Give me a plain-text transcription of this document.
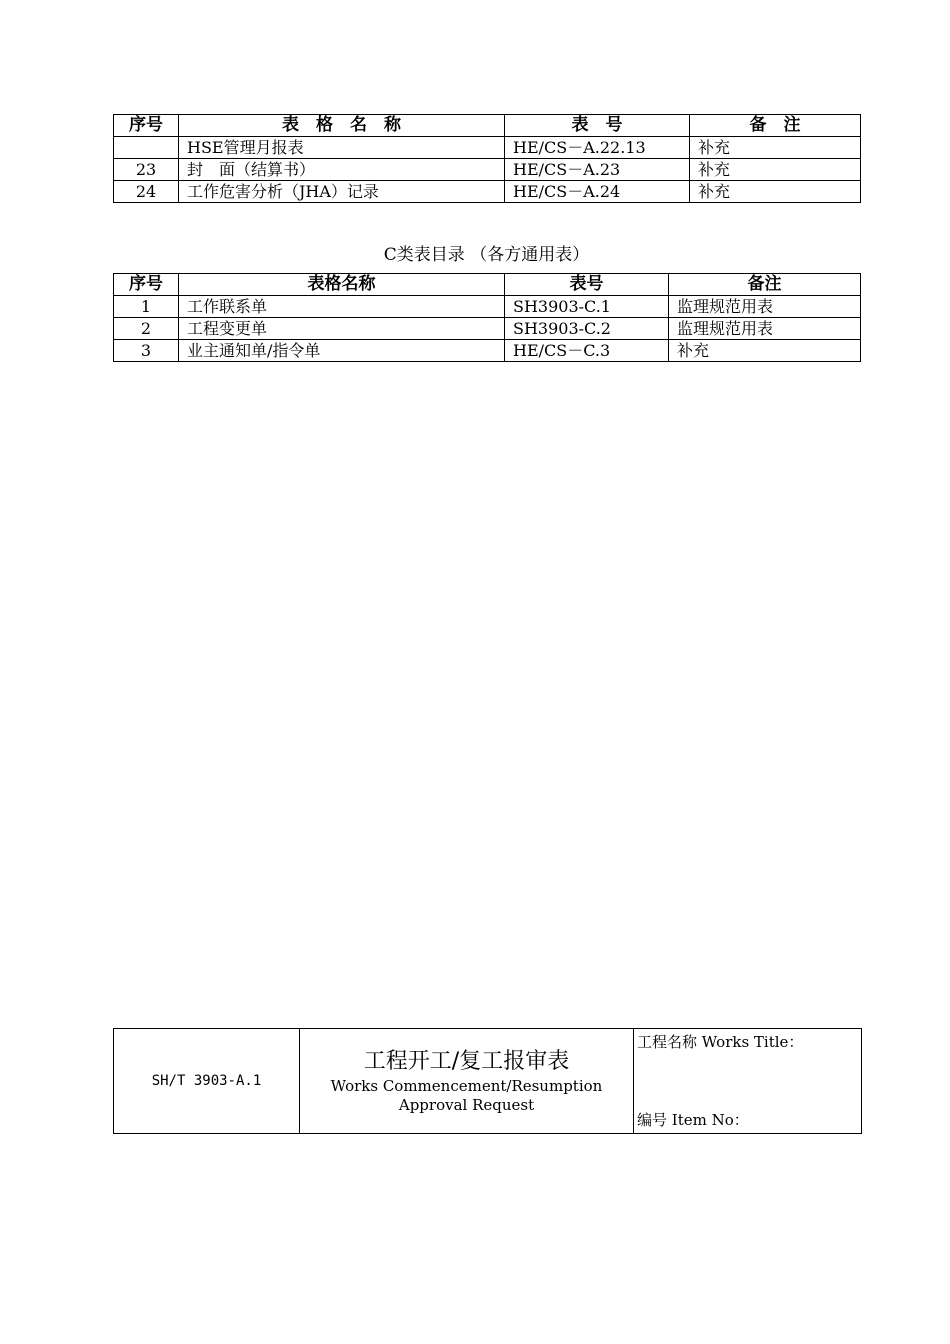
序号	表　格　名　称	表　号	备　注
	HSE管理月报表	HE/CS－A.22.13	补充
23	封　面（结算书）	HE/CS－A.23	补充
24	工作危害分析（JHA）记录	HE/CS－A.24	补充
C类表目录 （各方通用表）
序号	表格名称	表号	备注
1	工作联系单	SH3903-C.1	监理规范用表
2	工程变更单	SH3903-C.2	监理规范用表
3	业主通知单/指令单	HE/CS－C.3	补充
SH/T 3903-A.1	
工程开工/复工报审表
Works Commencement/Resumption Approval Request

工程名称 Works Title：
编号 Item No：
